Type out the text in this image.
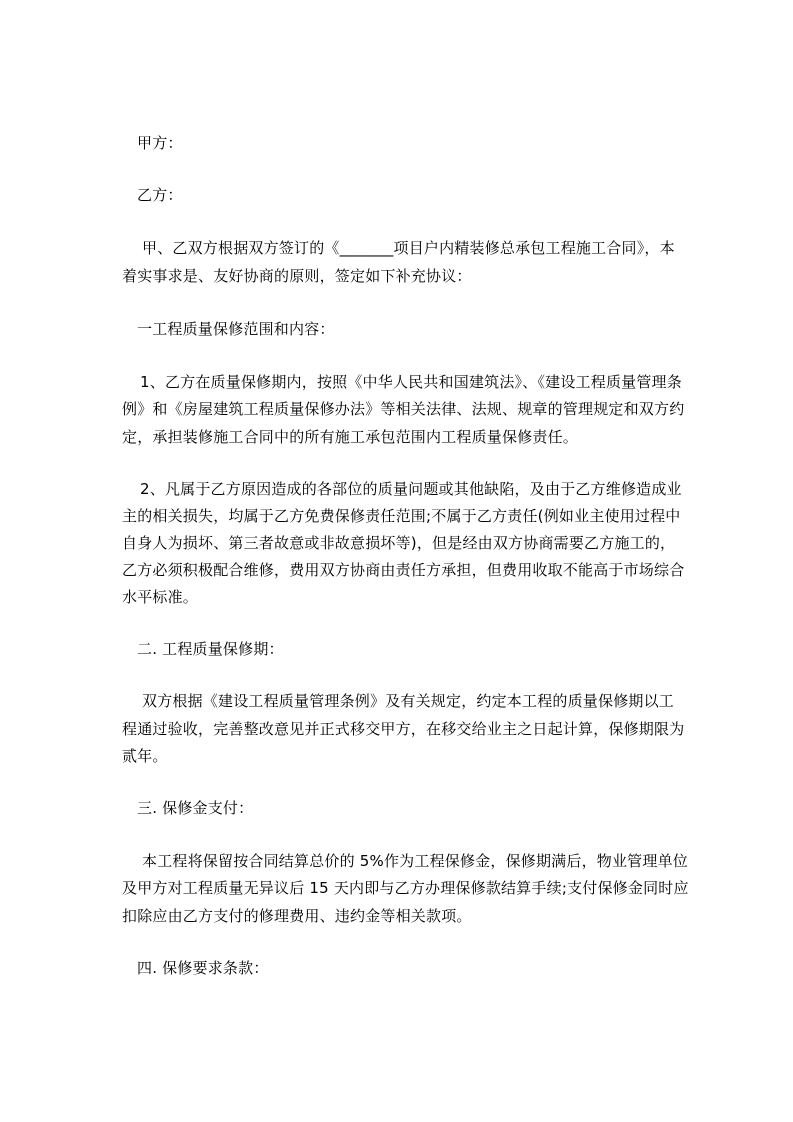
甲方：
乙方：
甲、乙双方根据双方签订的《_______项目户内精装修总承包工程施工合同》，本
着实事求是、友好协商的原则，签定如下补充协议：
一工程质量保修范围和内容：
1、乙方在质量保修期内，按照《中华人民共和国建筑法》、《建设工程质量管理条
例》和《房屋建筑工程质量保修办法》等相关法律、法规、规章的管理规定和双方约
定，承担装修施工合同中的所有施工承包范围内工程质量保修责任。
2、凡属于乙方原因造成的各部位的质量问题或其他缺陷，及由于乙方维修造成业
主的相关损失，均属于乙方免费保修责任范围;不属于乙方责任(例如业主使用过程中
自身人为损坏、第三者故意或非故意损坏等)，但是经由双方协商需要乙方施工的，
乙方必须积极配合维修，费用双方协商由责任方承担，但费用收取不能高于市场综合
水平标准。
二. 工程质量保修期：
双方根据《建设工程质量管理条例》及有关规定，约定本工程的质量保修期以工
程通过验收，完善整改意见并正式移交甲方，在移交给业主之日起计算，保修期限为
贰年。
三. 保修金支付：
本工程将保留按合同结算总价的 5%作为工程保修金，保修期满后，物业管理单位
及甲方对工程质量无异议后 15 天内即与乙方办理保修款结算手续;支付保修金同时应
扣除应由乙方支付的修理费用、违约金等相关款项。
四. 保修要求条款：
